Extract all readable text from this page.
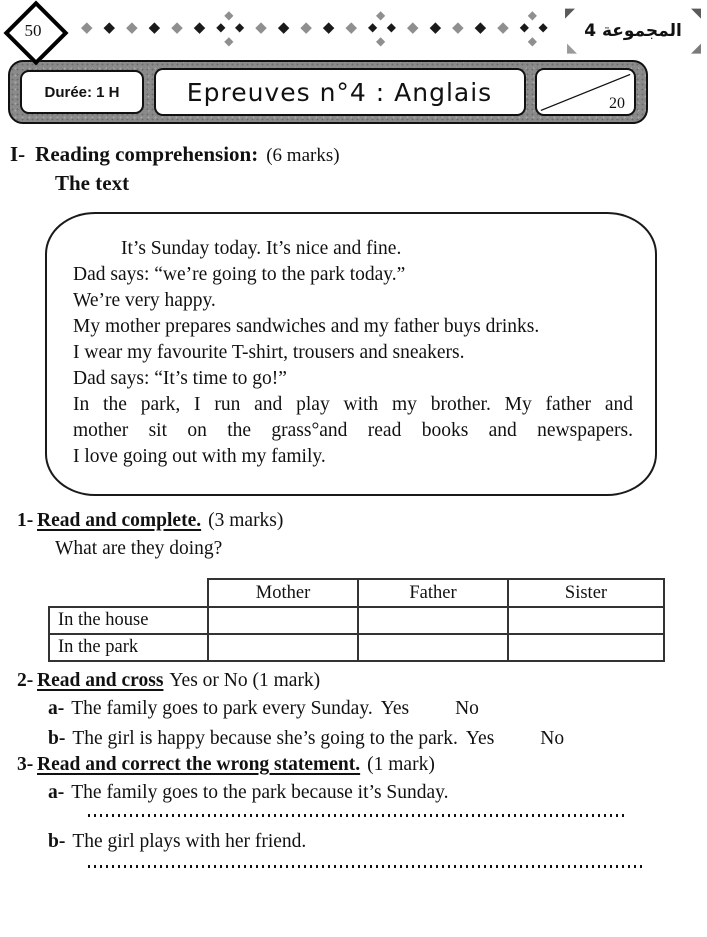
50	◆ ◆ ◆ ◆ ◆ ◆
◆
◆ ◆
◆
◆ ◆ ◆ ◆ ◆
◆
◆ ◆
◆
◆ ◆ ◆ ◆ ◆
◆
◆ ◆
◆
◤
◣
◥
◢
المجموعة 4
Durée: 1 H	Epreuves n°4 : Anglais	20
I- Reading comprehension: (6 marks)
The text
It’s Sunday today. It’s nice and fine.
Dad says: “we’re going to the park today.”
We’re very happy.
My mother prepares sandwiches and my father buys drinks.
I wear my favourite T-shirt, trousers and sneakers.
Dad says: “It’s time to go!”
In the park, I run and play with my brother. My father and
mother sit on the grass°and read books and newspapers.
I love going out with my family.
1- Read and complete. (3 marks)
What are they doing?
	Mother	Father	Sister
In the house			
In the park			
2- Read and cross Yes or No (1 mark)
a- The family goes to park every Sunday. Yes No
b- The girl is happy because she’s going to the park. Yes No
3- Read and correct the wrong statement. (1 mark)
a- The family goes to the park because it’s Sunday.
b- The girl plays with her friend.
